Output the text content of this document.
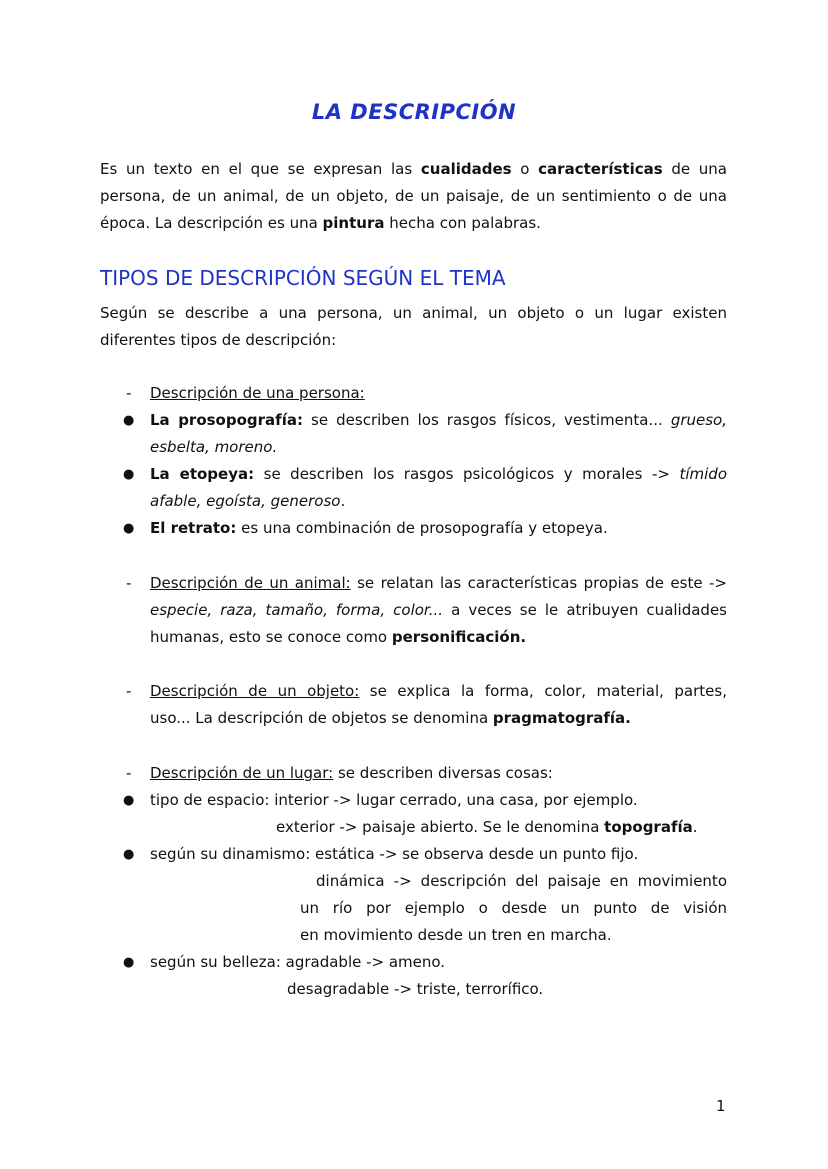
LA DESCRIPCIÓN
Es un texto en el que se expresan las cualidades o características de una
persona, de un animal, de un objeto, de un paisaje, de un sentimiento o de una
época. La descripción es una pintura hecha con palabras.
TIPOS DE DESCRIPCIÓN SEGÚN EL TEMA
Según se describe a una persona, un animal, un objeto o un lugar existen
diferentes tipos de descripción:
-	Descripción de una persona:
●	La prosopografía: se describen los rasgos físicos, vestimenta... grueso,
esbelta, moreno.
●	La etopeya: se describen los rasgos psicológicos y morales -> tímido
afable, egoísta, generoso.
●	El retrato: es una combinación de prosopografía y etopeya.
-	Descripción de un animal: se relatan las características propias de este ->
especie, raza, tamaño, forma, color... a veces se le atribuyen cualidades
humanas, esto se conoce como personificación.
-	Descripción de un objeto: se explica la forma, color, material, partes,
uso... La descripción de objetos se denomina pragmatografía.
-	Descripción de un lugar: se describen diversas cosas:
●	tipo de espacio: interior -> lugar cerrado, una casa, por ejemplo.
exterior -> paisaje abierto. Se le denomina topografía.
●	según su dinamismo: estática -> se observa desde un punto fijo.
dinámica -> descripción del paisaje en movimiento
un río por ejemplo o desde un punto de visión
en movimiento desde un tren en marcha.
●	según su belleza: agradable -> ameno.
desagradable -> triste, terrorífico.
1
